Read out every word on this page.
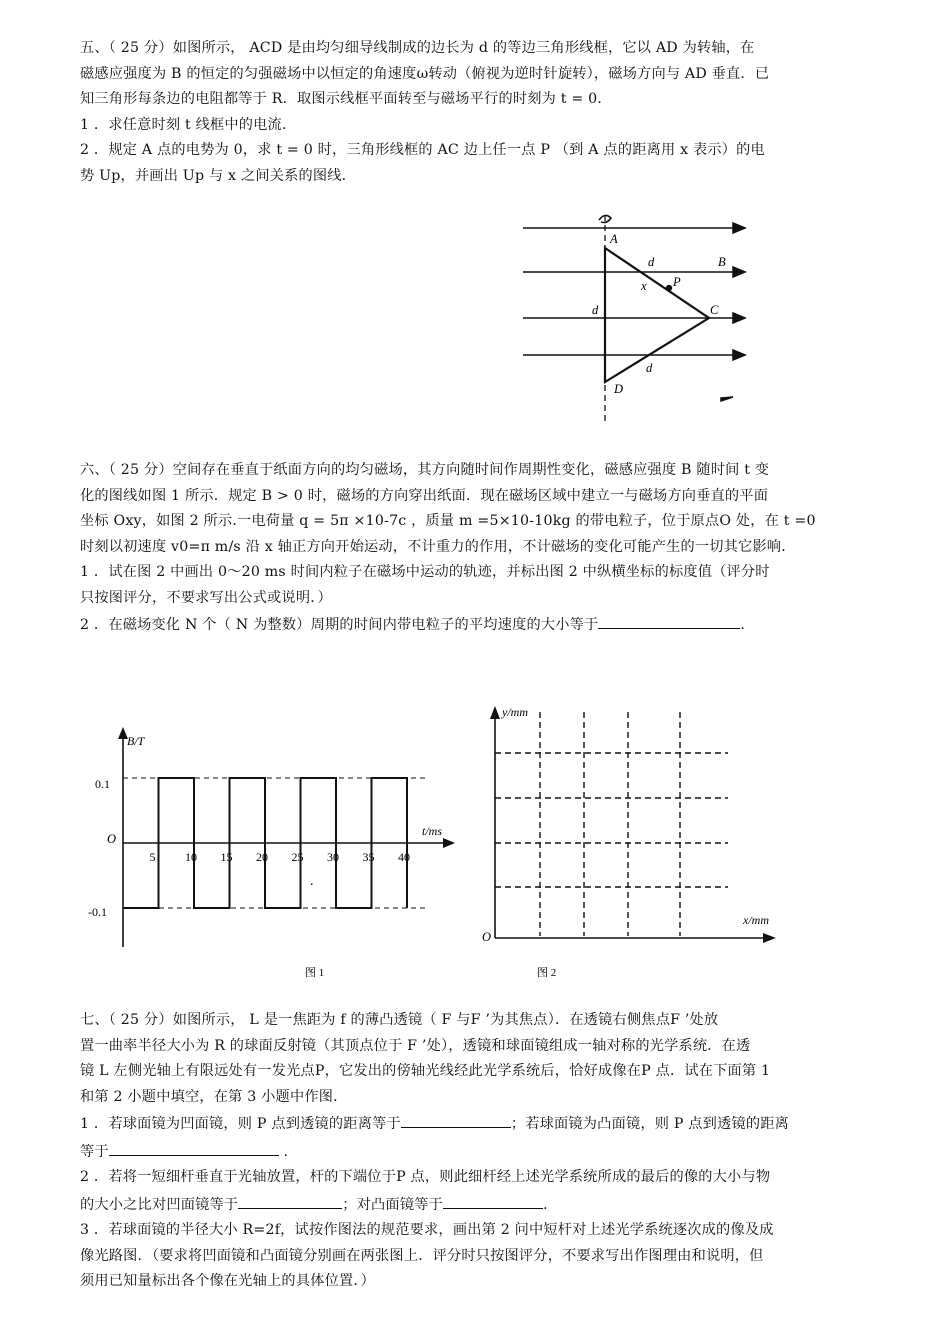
五、（ 25 分）如图所示， ACD 是由均匀细导线制成的边长为 d 的等边三角形线框，它以 AD 为转轴，在

磁感应强度为 B 的恒定的匀强磁场中以恒定的角速度ω转动（俯视为逆时针旋转），磁场方向与 AD 垂直．已

知三角形每条边的电阻都等于 R．取图示线框平面转至与磁场平行的时刻为 t = 0．

1 ．求任意时刻 t 线框中的电流．

2 ．规定 A 点的电势为 0，求 t = 0 时，三角形线框的 AC 边上任一点 P （到 A 点的距离用 x 表示）的电

势 Up，并画出 Up 与 x 之间关系的图线．

A
B
C
D
P
x
d
d
d

六、（ 25 分）空间存在垂直于纸面方向的均匀磁场，其方向随时间作周期性变化，磁感应强度 B 随时间 t 变

化的图线如图 1 所示．规定 B > 0 时，磁场的方向穿出纸面．现在磁场区域中建立一与磁场方向垂直的平面

坐标 Oxy，如图 2 所示.一电荷量 q = 5π ×10-7c ，质量 m =5×10-10kg 的带电粒子，位于原点O 处，在 t =0

时刻以初速度 v0=π m/s 沿 x 轴正方向开始运动，不计重力的作用，不计磁场的变化可能产生的一切其它影响．

1 ．试在图 2 中画出 0～20 ms 时间内粒子在磁场中运动的轨迹，并标出图 2 中纵横坐标的标度值（评分时

只按图评分，不要求写出公式或说明．）

2 ．在磁场变化 N 个（ N 为整数）周期的时间内带电粒子的平均速度的大小等于	.

B/T
t/ms
O
0.1
-0.1
.
5 10 15 20 25 30 35 40
图 1
y/mm
x/mm
O
图 2

七、（ 25 分）如图所示， L 是一焦距为 f 的薄凸透镜（ F 与F ’为其焦点）．在透镜右侧焦点F ’处放

置一曲率半径大小为 R 的球面反射镜（其顶点位于 F ’处），透镜和球面镜组成一轴对称的光学系统．在透

镜 L 左侧光轴上有限远处有一发光点P，它发出的傍轴光线经此光学系统后，恰好成像在P 点．试在下面第 1

和第 2 小题中填空，在第 3 小题中作图．

1 ．若球面镜为凹面镜，则 P 点到透镜的距离等于	；若球面镜为凸面镜，则 P 点到透镜的距离

等于	.

2 ．若将一短细杆垂直于光轴放置，杆的下端位于P 点，则此细杆经上述光学系统所成的最后的像的大小与物

的大小之比对凹面镜等于	；对凸面镜等于	.

3 ．若球面镜的半径大小 R=2f，试按作图法的规范要求，画出第 2 问中短杆对上述光学系统逐次成的像及成

像光路图．（要求将凹面镜和凸面镜分别画在两张图上．评分时只按图评分，不要求写出作图理由和说明，但

须用已知量标出各个像在光轴上的具体位置．）
